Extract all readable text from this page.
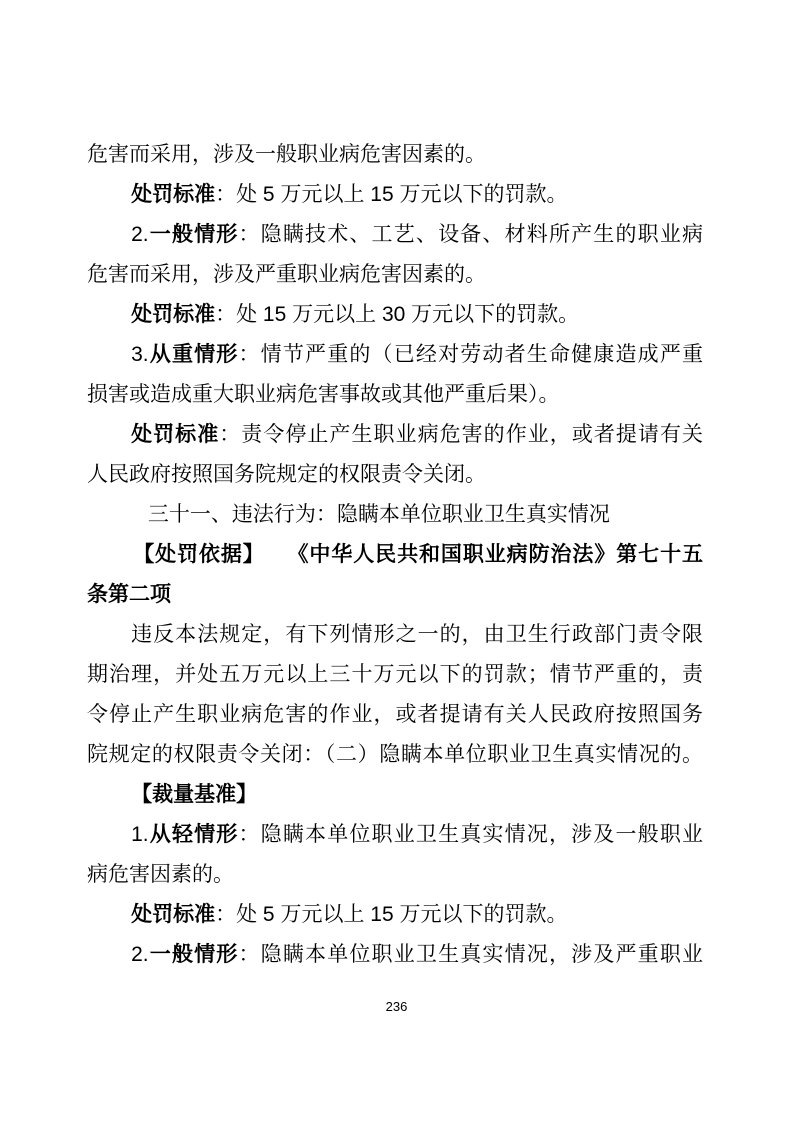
危害而采用，涉及一般职业病危害因素的。
处罚标准：处 5 万元以上 15 万元以下的罚款。
2.一般情形：隐瞒技术、工艺、设备、材料所产生的职业病
危害而采用，涉及严重职业病危害因素的。
处罚标准：处 15 万元以上 30 万元以下的罚款。
3.从重情形：情节严重的（已经对劳动者生命健康造成严重
损害或造成重大职业病危害事故或其他严重后果）。
处罚标准：责令停止产生职业病危害的作业，或者提请有关
人民政府按照国务院规定的权限责令关闭。
三十一、违法行为：隐瞒本单位职业卫生真实情况
【处罚依据】　　《中华人民共和国职业病防治法》第七十五
条第二项
违反本法规定，有下列情形之一的，由卫生行政部门责令限
期治理，并处五万元以上三十万元以下的罚款；情节严重的，责
令停止产生职业病危害的作业，或者提请有关人民政府按照国务
院规定的权限责令关闭：（二）隐瞒本单位职业卫生真实情况的。
【裁量基准】
1.从轻情形：隐瞒本单位职业卫生真实情况，涉及一般职业
病危害因素的。
处罚标准：处 5 万元以上 15 万元以下的罚款。
2.一般情形：隐瞒本单位职业卫生真实情况，涉及严重职业
236
